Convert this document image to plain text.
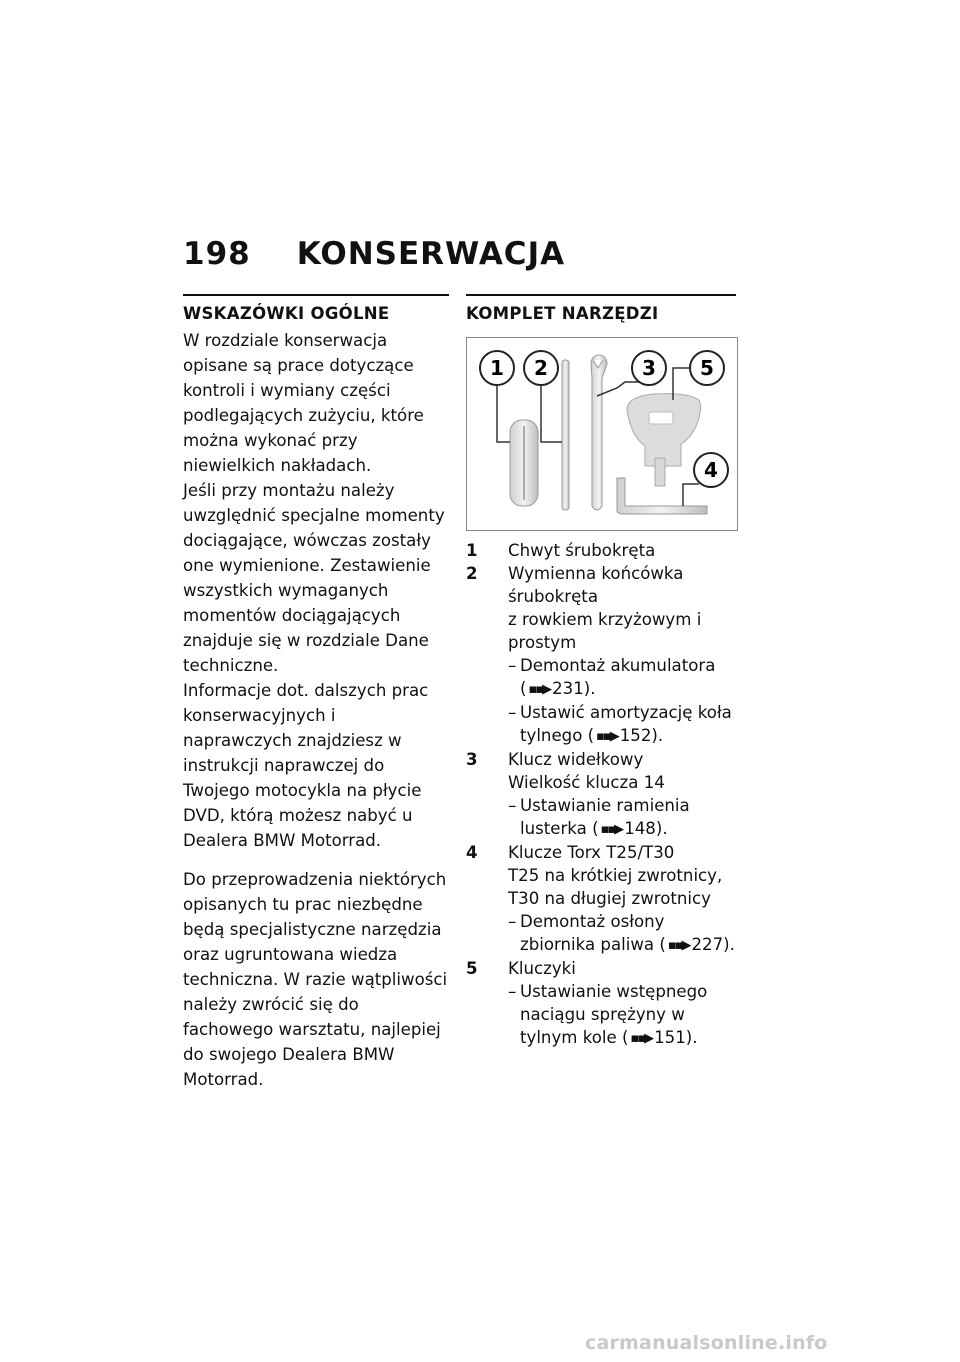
198 KONSERWACJA
WSKAZÓWKI OGÓLNE

W rozdziale konserwacja opisane są prace dotyczące kontroli i wymiany części podlegających zużyciu, które można wykonać przy niewielkich nakładach.

Jeśli przy montażu należy uwzględnić specjalne momenty dociągające, wówczas zostały one wymienione. Zestawienie wszystkich wymaganych momentów dociągających znajduje się w rozdziale Dane techniczne.

Informacje dot. dalszych prac konserwacyjnych i naprawczych znajdziesz w instrukcji naprawczej do Twojego motocykla na płycie DVD, którą możesz nabyć u Dealera BMW Motorrad.

Do przeprowadzenia niektórych opisanych tu prac niezbędne będą specjalistyczne narzędzia oraz ugruntowana wiedza techniczna. W razie wątpliwości należy zwrócić się do fachowego warsztatu, najlepiej do swojego Dealera BMW Motorrad.

KOMPLET NARZĘDZI
1 2	3 5
4
1	Chwyt śrubokręta
2	Wymienna końcówka śrubokręta
z rowkiem krzyżowym i prostym
– Demontaż akumulatora ( ▪▪▶ 231).
– Ustawić amortyzację koła tylnego ( ▪▪▶ 152).
3	Klucz widełkowy
Wielkość klucza 14
– Ustawianie ramienia lusterka ( ▪▪▶ 148).
4	Klucze Torx T25/T30
T25 na krótkiej zwrotnicy, T30 na długiej zwrotnicy
– Demontaż osłony zbiornika paliwa ( ▪▪▶ 227).
5	Kluczyki
– Ustawianie wstępnego naciągu sprężyny w tylnym kole ( ▪▪▶ 151).
carmanualsonline.info
